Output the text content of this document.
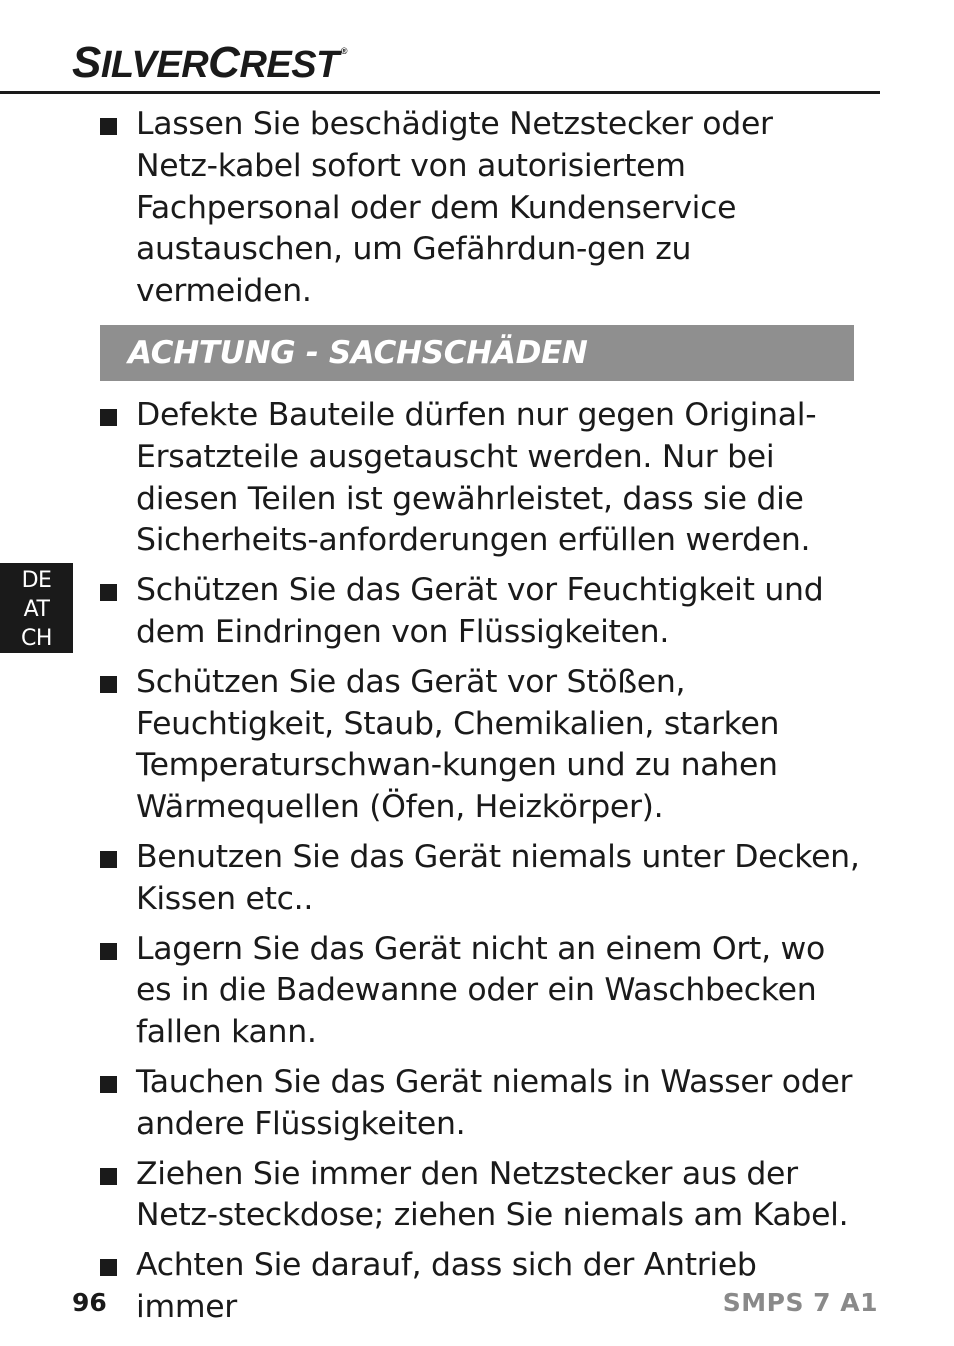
SILVERCREST ®
Lassen Sie beschädigte Netzstecker oder Netz-kabel sofort von autorisiertem Fachpersonal oder dem Kundenservice austauschen, um Gefährdun-gen zu vermeiden.
ACHTUNG - SACHSCHÄDEN
Defekte Bauteile dürfen nur gegen Original-Ersatzteile ausgetauscht werden. Nur bei diesen Teilen ist gewährleistet, dass sie die Sicherheits-anforderungen erfüllen werden.
Schützen Sie das Gerät vor Feuchtigkeit und dem Eindringen von Flüssigkeiten.
Schützen Sie das Gerät vor Stößen, Feuchtigkeit, Staub, Chemikalien, starken Temperaturschwan-kungen und zu nahen Wärmequellen (Öfen, Heizkörper).
Benutzen Sie das Gerät niemals unter Decken, Kissen etc..
Lagern Sie das Gerät nicht an einem Ort, wo es in die Badewanne oder ein Waschbecken fallen kann.
Tauchen Sie das Gerät niemals in Wasser oder andere Flüssigkeiten.
Ziehen Sie immer den Netzstecker aus der Netz-steckdose; ziehen Sie niemals am Kabel.
Achten Sie darauf, dass sich der Antrieb immer
DE
AT
CH
96	SMPS 7 A1
